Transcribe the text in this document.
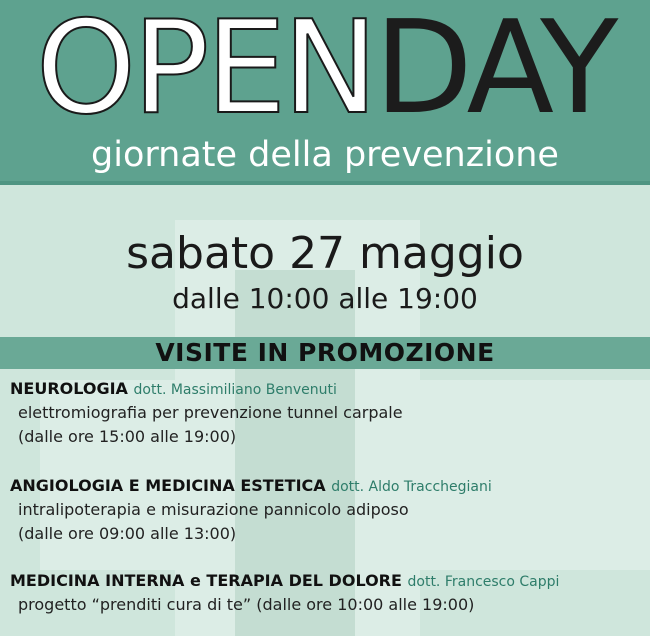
OPENDAY
giornate della prevenzione
sabato 27 maggio
dalle 10:00 alle 19:00
VISITE IN PROMOZIONE
NEUROLOGIA dott. Massimiliano Benvenuti
elettromiografia per prevenzione tunnel carpale
(dalle ore 15:00 alle 19:00)
ANGIOLOGIA E MEDICINA ESTETICA dott. Aldo Tracchegiani
intralipoterapia e misurazione pannicolo adiposo
(dalle ore 09:00 alle 13:00)
MEDICINA INTERNA e TERAPIA DEL DOLORE dott. Francesco Cappi
progetto “prenditi cura di te” (dalle ore 10:00 alle 19:00)
